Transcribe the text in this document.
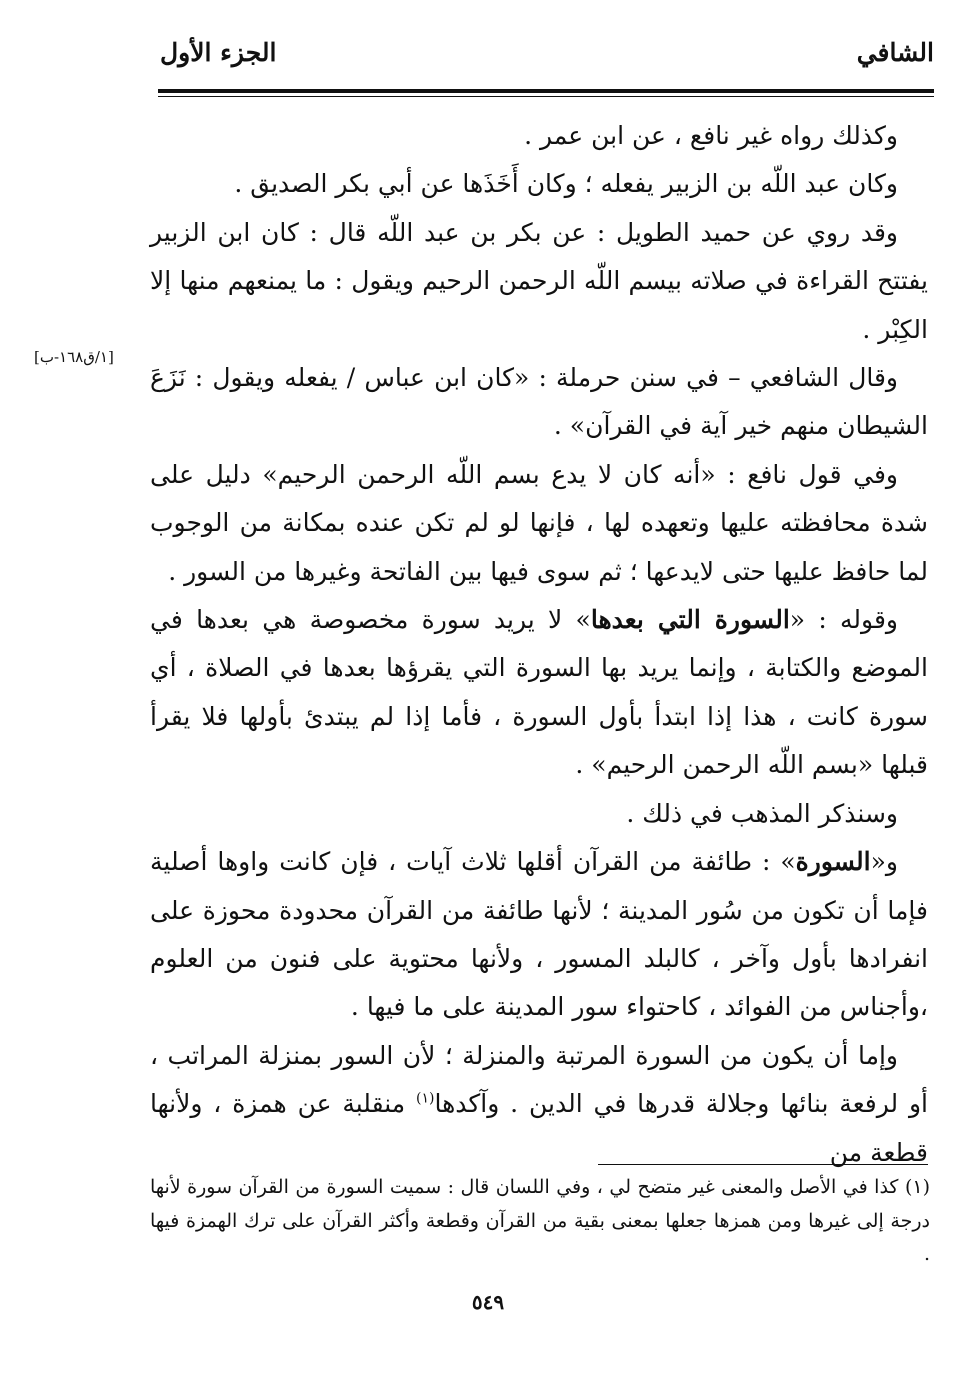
الشافي
الجزء الأول
[١/ق١٦٨-ب]

وكذلك رواه غير نافع ، عن ابن عمر .

وكان عبد اللّه بن الزبير يفعله ؛ وكان أَخَذَها عن أبي بكر الصديق .

وقد روي عن حميد الطويل : عن بكر بن عبد اللّه قال : كان ابن الزبير يفتتح القراءة في صلاته بيسم اللّه الرحمن الرحيم ويقول : ما يمنعهم منها إلا الكِبْر .

وقال الشافعي – في سنن حرملة : «كان ابن عباس / يفعله ويقول : نَزَعَ الشيطان منهم خير آية في القرآن» .

وفي قول نافع : «أنه كان لا يدع بسم اللّه الرحمن الرحيم» دليل على شدة محافظته عليها وتعهده لها ، فإنها لو لم تكن عنده بمكانة من الوجوب لما حافظ عليها حتى لايدعها ؛ ثم سوى فيها بين الفاتحة وغيرها من السور .

وقوله : «السورة التي بعدها» لا يريد سورة مخصوصة هي بعدها في الموضع والكتابة ، وإنما يريد بها السورة التي يقرؤها بعدها في الصلاة ، أي سورة كانت ، هذا إذا ابتدأ بأول السورة ، فأما إذا لم يبتدئ بأولها فلا يقرأ قبلها «بسم اللّه الرحمن الرحيم» .

وسنذكر المذهب في ذلك .

و«السورة» : طائفة من القرآن أقلها ثلاث آيات ، فإن كانت واوها أصلية فإما أن تكون من سُور المدينة ؛ لأنها طائفة من القرآن محدودة محوزة على انفرادها بأول وآخر ، كالبلد المسور ، ولأنها محتوية على فنون من العلوم ،وأجناس من الفوائد ، كاحتواء سور المدينة على ما فيها .

وإما أن يكون من السورة المرتبة والمنزلة ؛ لأن السور بمنزلة المراتب ، أو لرفعة بنائها وجلالة قدرها في الدين . وآكدها$^{(١)}$ منقلبة عن همزة ، ولأنها قطعة من

(١) كذا في الأصل والمعنى غير متضح لي ، وفي اللسان قال : سميت السورة من القرآن سورة لأنها درجة إلى غيرها ومن همزها جعلها بمعنى بقية من القرآن وقطعة وأكثر القرآن على ترك الهمزة فيها .

٥٤٩
